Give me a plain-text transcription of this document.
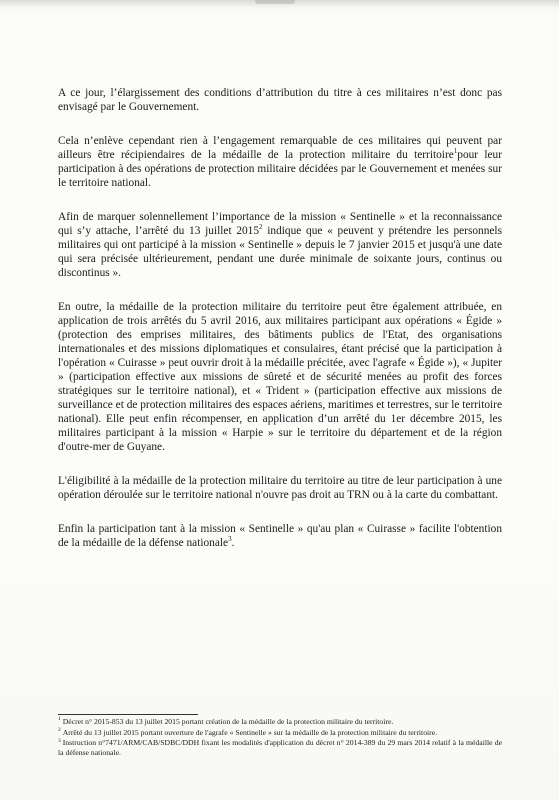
A ce jour, l’élargissement des conditions d’attribution du titre à ces militaires n’est donc pas envisagé par le Gouvernement.

Cela n’enlève cependant rien à l’engagement remarquable de ces militaires qui peuvent par ailleurs être récipiendaires de la médaille de la protection militaire du territoire$^1$pour leur participation à des opérations de protection militaire décidées par le Gouvernement et menées sur le territoire national.

Afin de marquer solennellement l’importance de la mission « Sentinelle » et la reconnaissance qui s’y attache, l’arrêté du 13 juillet 2015$^2$ indique que « peuvent y prétendre les personnels militaires qui ont participé à la mission « Sentinelle » depuis le 7 janvier 2015 et jusqu'à une date qui sera précisée ultérieurement, pendant une durée minimale de soixante jours, continus ou discontinus ».

En outre, la médaille de la protection militaire du territoire peut être également attribuée, en application de trois arrêtés du 5 avril 2016, aux militaires participant aux opérations « Égide » (protection des emprises militaires, des bâtiments publics de l'Etat, des organisations internationales et des missions diplomatiques et consulaires, étant précisé que la participation à l'opération « Cuirasse » peut ouvrir droit à la médaille précitée, avec l'agrafe « Égide »), « Jupiter » (participation effective aux missions de sûreté et de sécurité menées au profit des forces stratégiques sur le territoire national), et « Trident » (participation effective aux missions de surveillance et de protection militaires des espaces aériens, maritimes et terrestres, sur le territoire national). Elle peut enfin récompenser, en application d’un arrêté du 1er décembre 2015, les militaires participant à la mission « Harpie » sur le territoire du département et de la région d'outre-mer de Guyane.

L'éligibilité à la médaille de la protection militaire du territoire au titre de leur participation à une opération déroulée sur le territoire national n'ouvre pas droit au TRN ou à la carte du combattant.

Enfin la participation tant à la mission « Sentinelle » qu'au plan « Cuirasse » facilite l'obtention de la médaille de la défense nationale$^3$.

$^1$ Décret n° 2015-853 du 13 juillet 2015 portant création de la médaille de la protection militaire du territoire.

$^2$ Arrêté du 13 juillet 2015 portant ouverture de l'agrafe « Sentinelle » sur la médaille de la protection militaire du territoire.

$^3$ Instruction n°7471/ARM/CAB/SDBC/DDH fixant les modalités d'application du décret n° 2014-389 du 29 mars 2014 relatif à la médaille de la défense nationale.
